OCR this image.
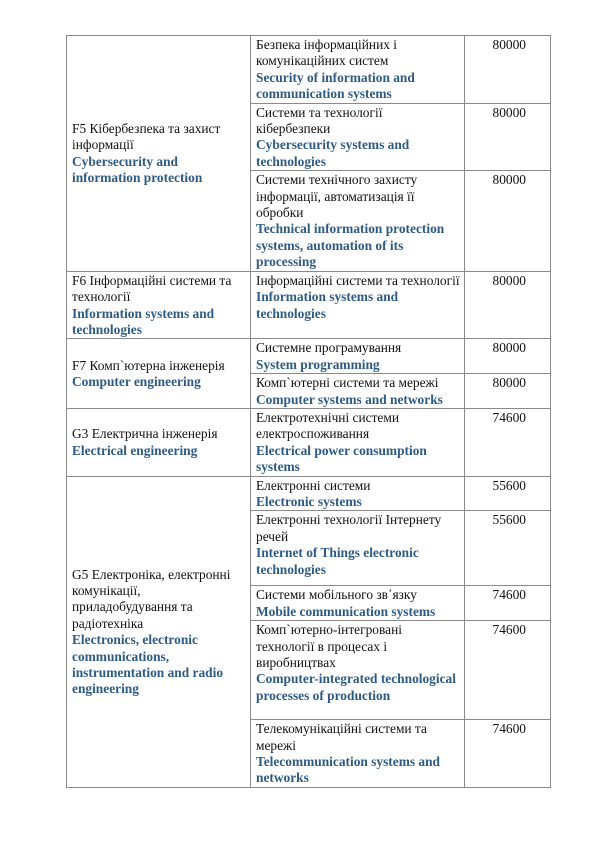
F5 Кібербезпека та захист інформації
Cybersecurity and information protection	Безпека інформаційних і комунікаційних систем
Security of information and communication systems	80000

	Системи та технології кібербезпеки
Cybersecurity systems and technologies	80000

	Системи технічного захисту інформації, автоматизація її обробки
Technical information protection systems, automation of its processing	80000

F6 Інформаційні системи та технології
Information systems and technologies	Інформаційні системи та технології
Information systems and technologies	80000

F7 Комп`ютерна інженерія
Computer engineering	Системне програмування
System programming	80000

	Комп`ютерні системи та мережі
Computer systems and networks	80000

G3 Електрична інженерія
Electrical engineering	Електротехнічні системи електроспоживання
Electrical power consumption systems	74600

G5 Електроніка, електронні комунікації, приладобудування та радіотехніка
Electronics, electronic communications, instrumentation and radio engineering	Електронні системи
Electronic systems	55600

	Електронні технології Інтернету речей
Internet of Things electronic technologies	55600

	Системи мобільного зв᾽язку
Mobile communication systems	74600

	Комп`ютерно-інтегровані технології в процесах і виробництвах
Computer-integrated technological processes of production	74600

	Телекомунікаційні системи та мережі
Telecommunication systems and networks	74600
